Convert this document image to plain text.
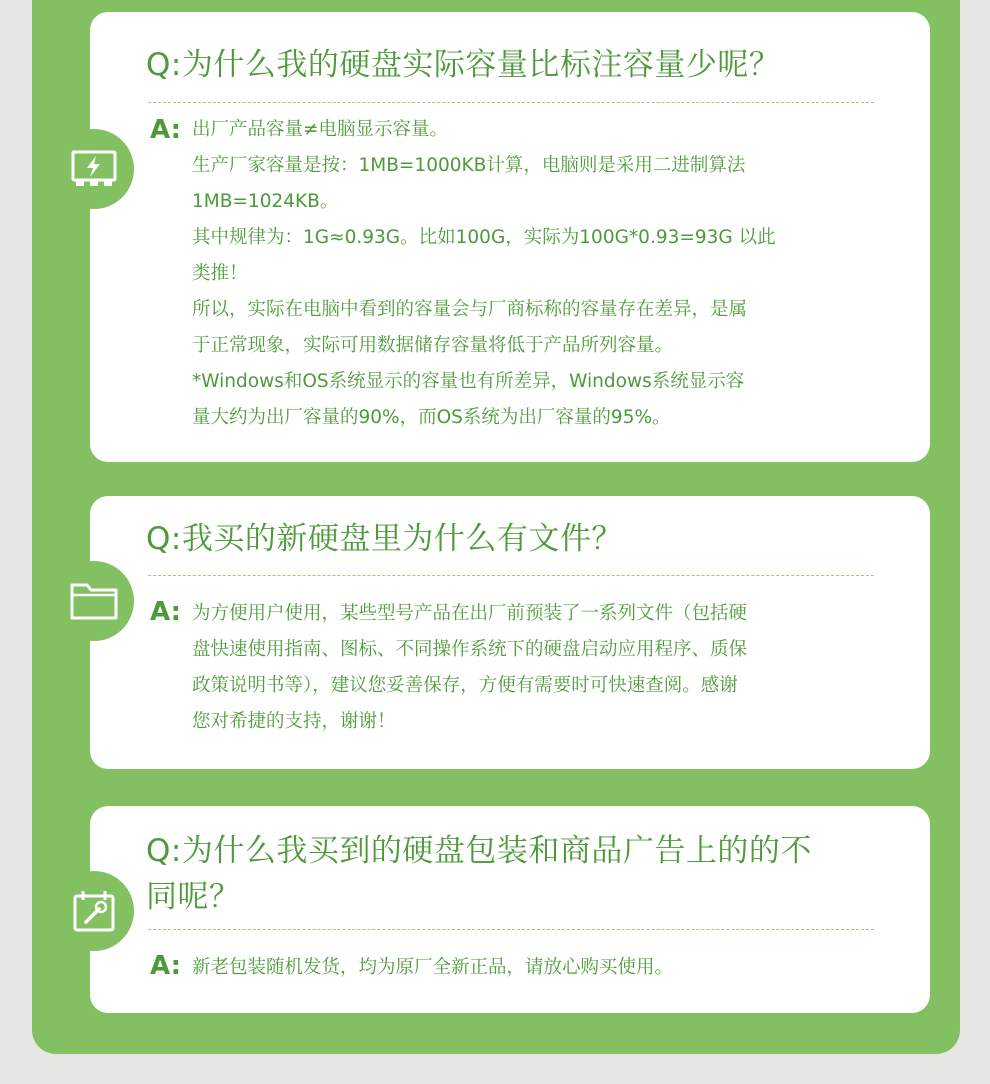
Q:为什么我的硬盘实际容量比标注容量少呢？
A: 出厂产品容量≠电脑显示容量。
生产厂家容量是按：1MB=1000KB计算，电脑则是采用二进制算法
1MB=1024KB。
其中规律为：1G≈0.93G。比如100G，实际为100G*0.93=93G 以此
类推！
所以，实际在电脑中看到的容量会与厂商标称的容量存在差异，是属
于正常现象，实际可用数据储存容量将低于产品所列容量。
*Windows和OS系统显示的容量也有所差异，Windows系统显示容
量大约为出厂容量的90%，而OS系统为出厂容量的95%。
Q:我买的新硬盘里为什么有文件？
A: 为方便用户使用，某些型号产品在出厂前预装了一系列文件（包括硬
盘快速使用指南、图标、不同操作系统下的硬盘启动应用程序、质保
政策说明书等），建议您妥善保存，方便有需要时可快速查阅。感谢
您对希捷的支持，谢谢！
Q:为什么我买到的硬盘包装和商品广告上的的不
同呢？
A: 新老包装随机发货，均为原厂全新正品，请放心购买使用。
